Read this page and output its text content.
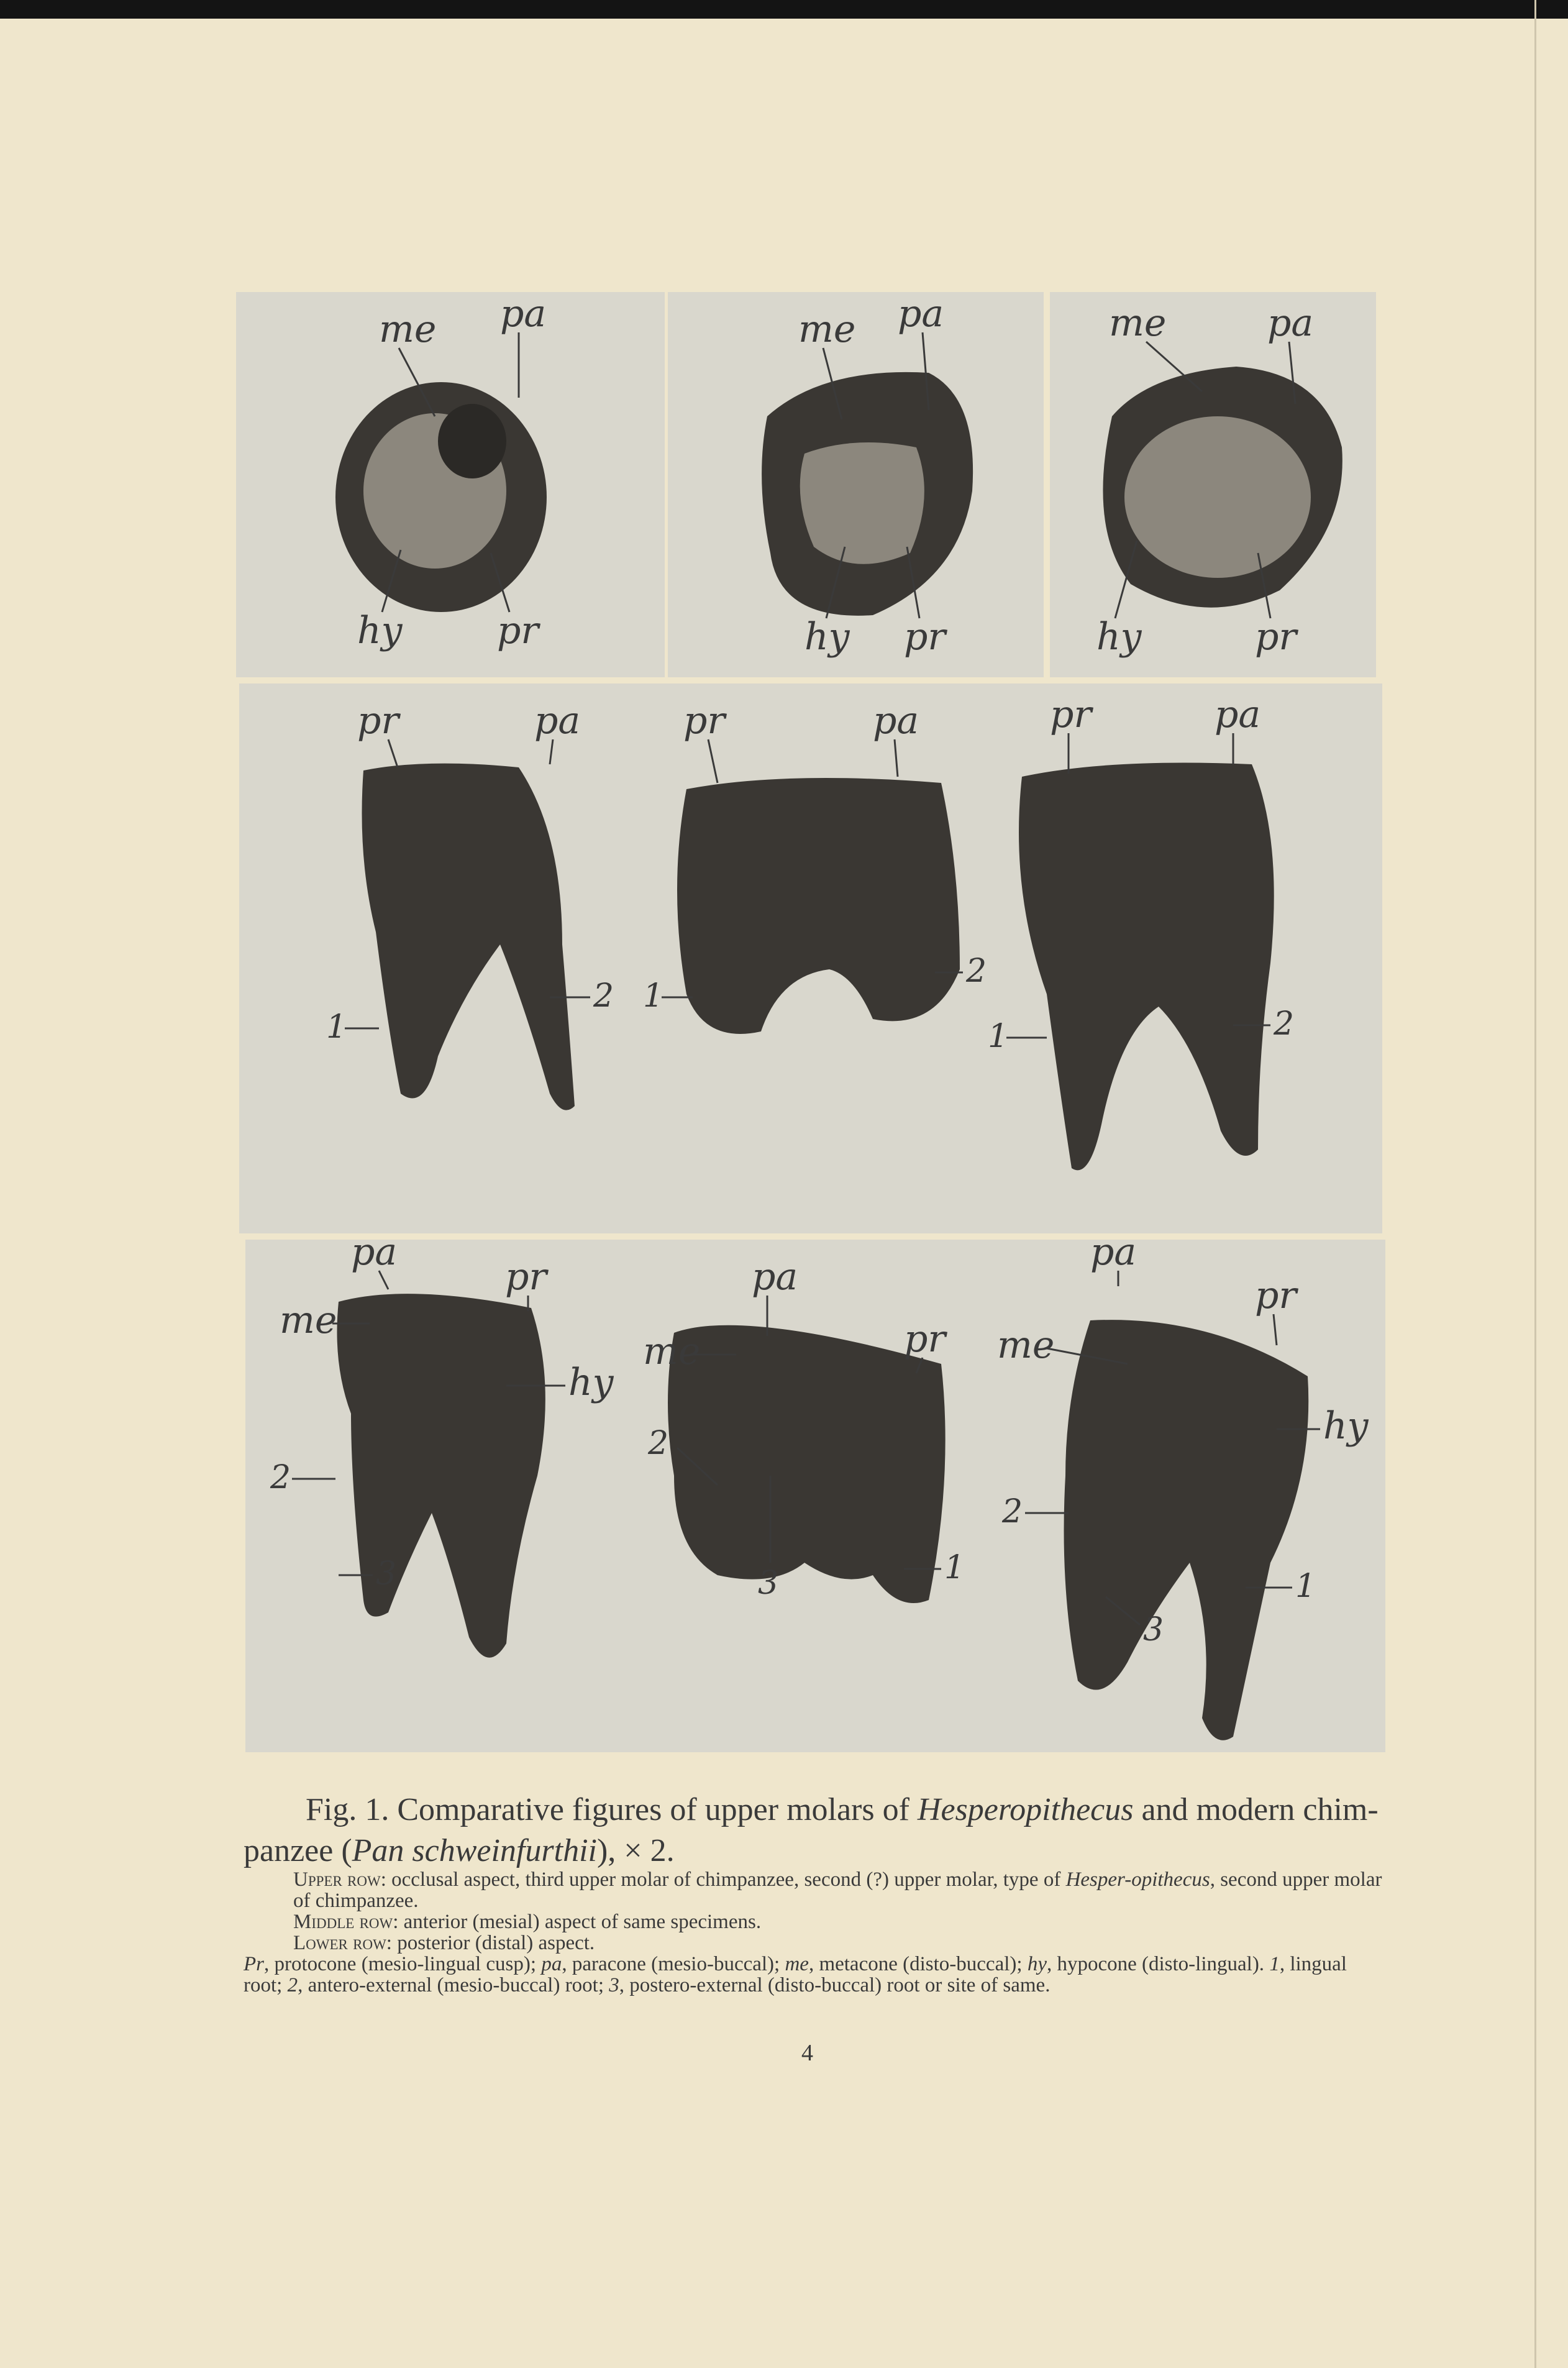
me pa
hy	pr
me pa
hy pr
me	pa
hy	pr
pr	pa
1
2
pr	pa
1
2
pr	pa
1	2
pa
me
pr
hy
2
3
pa
me	pr
2
3	1
pa
pr
me
hy
2
3
1
Fig. 1. Comparative figures of upper molars of Hesperopithecus and modern chim-panzee (Pan schweinfurthii), × 2.

Upper row: occlusal aspect, third upper molar of chimpanzee, second (?) upper molar, type of Hesper-opithecus, second upper molar of chimpanzee.

Middle row: anterior (mesial) aspect of same specimens.

Lower row: posterior (distal) aspect.

Pr, protocone (mesio-lingual cusp); pa, paracone (mesio-buccal); me, metacone (disto-buccal); hy, hypocone (disto-lingual). 1, lingual root; 2, antero-external (mesio-buccal) root; 3, postero-external (disto-buccal) root or site of same.

4
